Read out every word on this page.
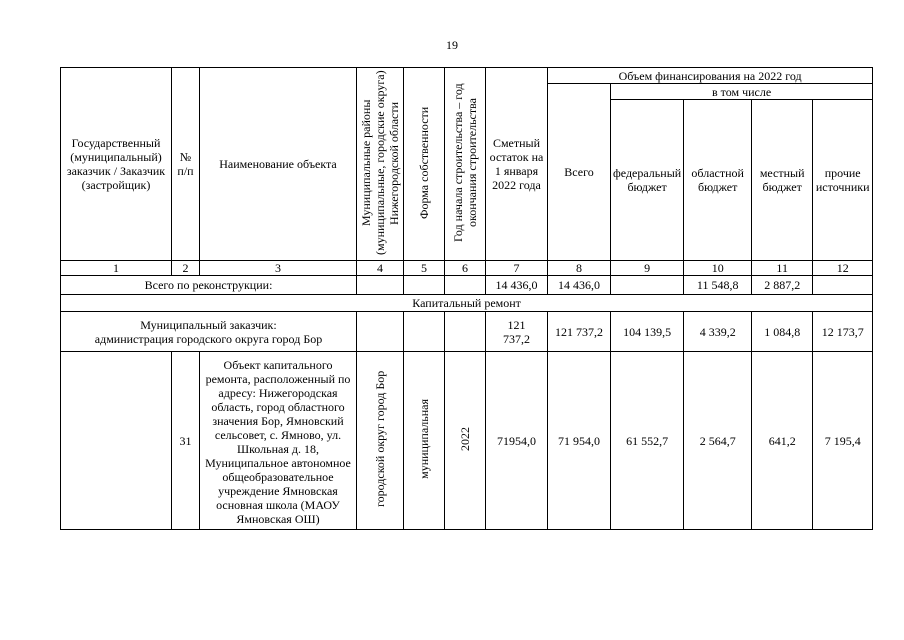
19
Государственный (муниципальный) заказчик / Заказчик (застройщик)	№ п/п	Наименование объекта	Муниципальные районы (муниципальные, городские округа) Нижегородской области	Форма собственности	Год начала строительства – год окончания строительства	Сметный остаток на 1 января 2022 года	Объем финансирования на 2022 год				
							Всего	в том числе			
								федеральный бюджет	областной бюджет	местный бюджет	прочие источники
1	2	3	4	5	6	7	8	9	10	11	12
Всего по реконструкции:						14 436,0	14 436,0		11 548,8	2 887,2	
Капитальный ремонт											

Муниципальный заказчик:
администрация городского округа город Бор						121 737,2	121 737,2	104 139,5	4 339,2	1 084,8	12 173,7
	31	Объект капитального ремонта, расположенный по адресу: Нижегородская область, город областного значения Бор, Ямновский сельсовет, с. Ямново, ул. Школьная д. 18, Муниципальное автономное общеобразовательное учреждение Ямновская основная школа (МАОУ Ямновская ОШ)	городской округ город Бор	муниципальная	2022	71954,0	71 954,0	61 552,7	2 564,7	641,2	7 195,4
